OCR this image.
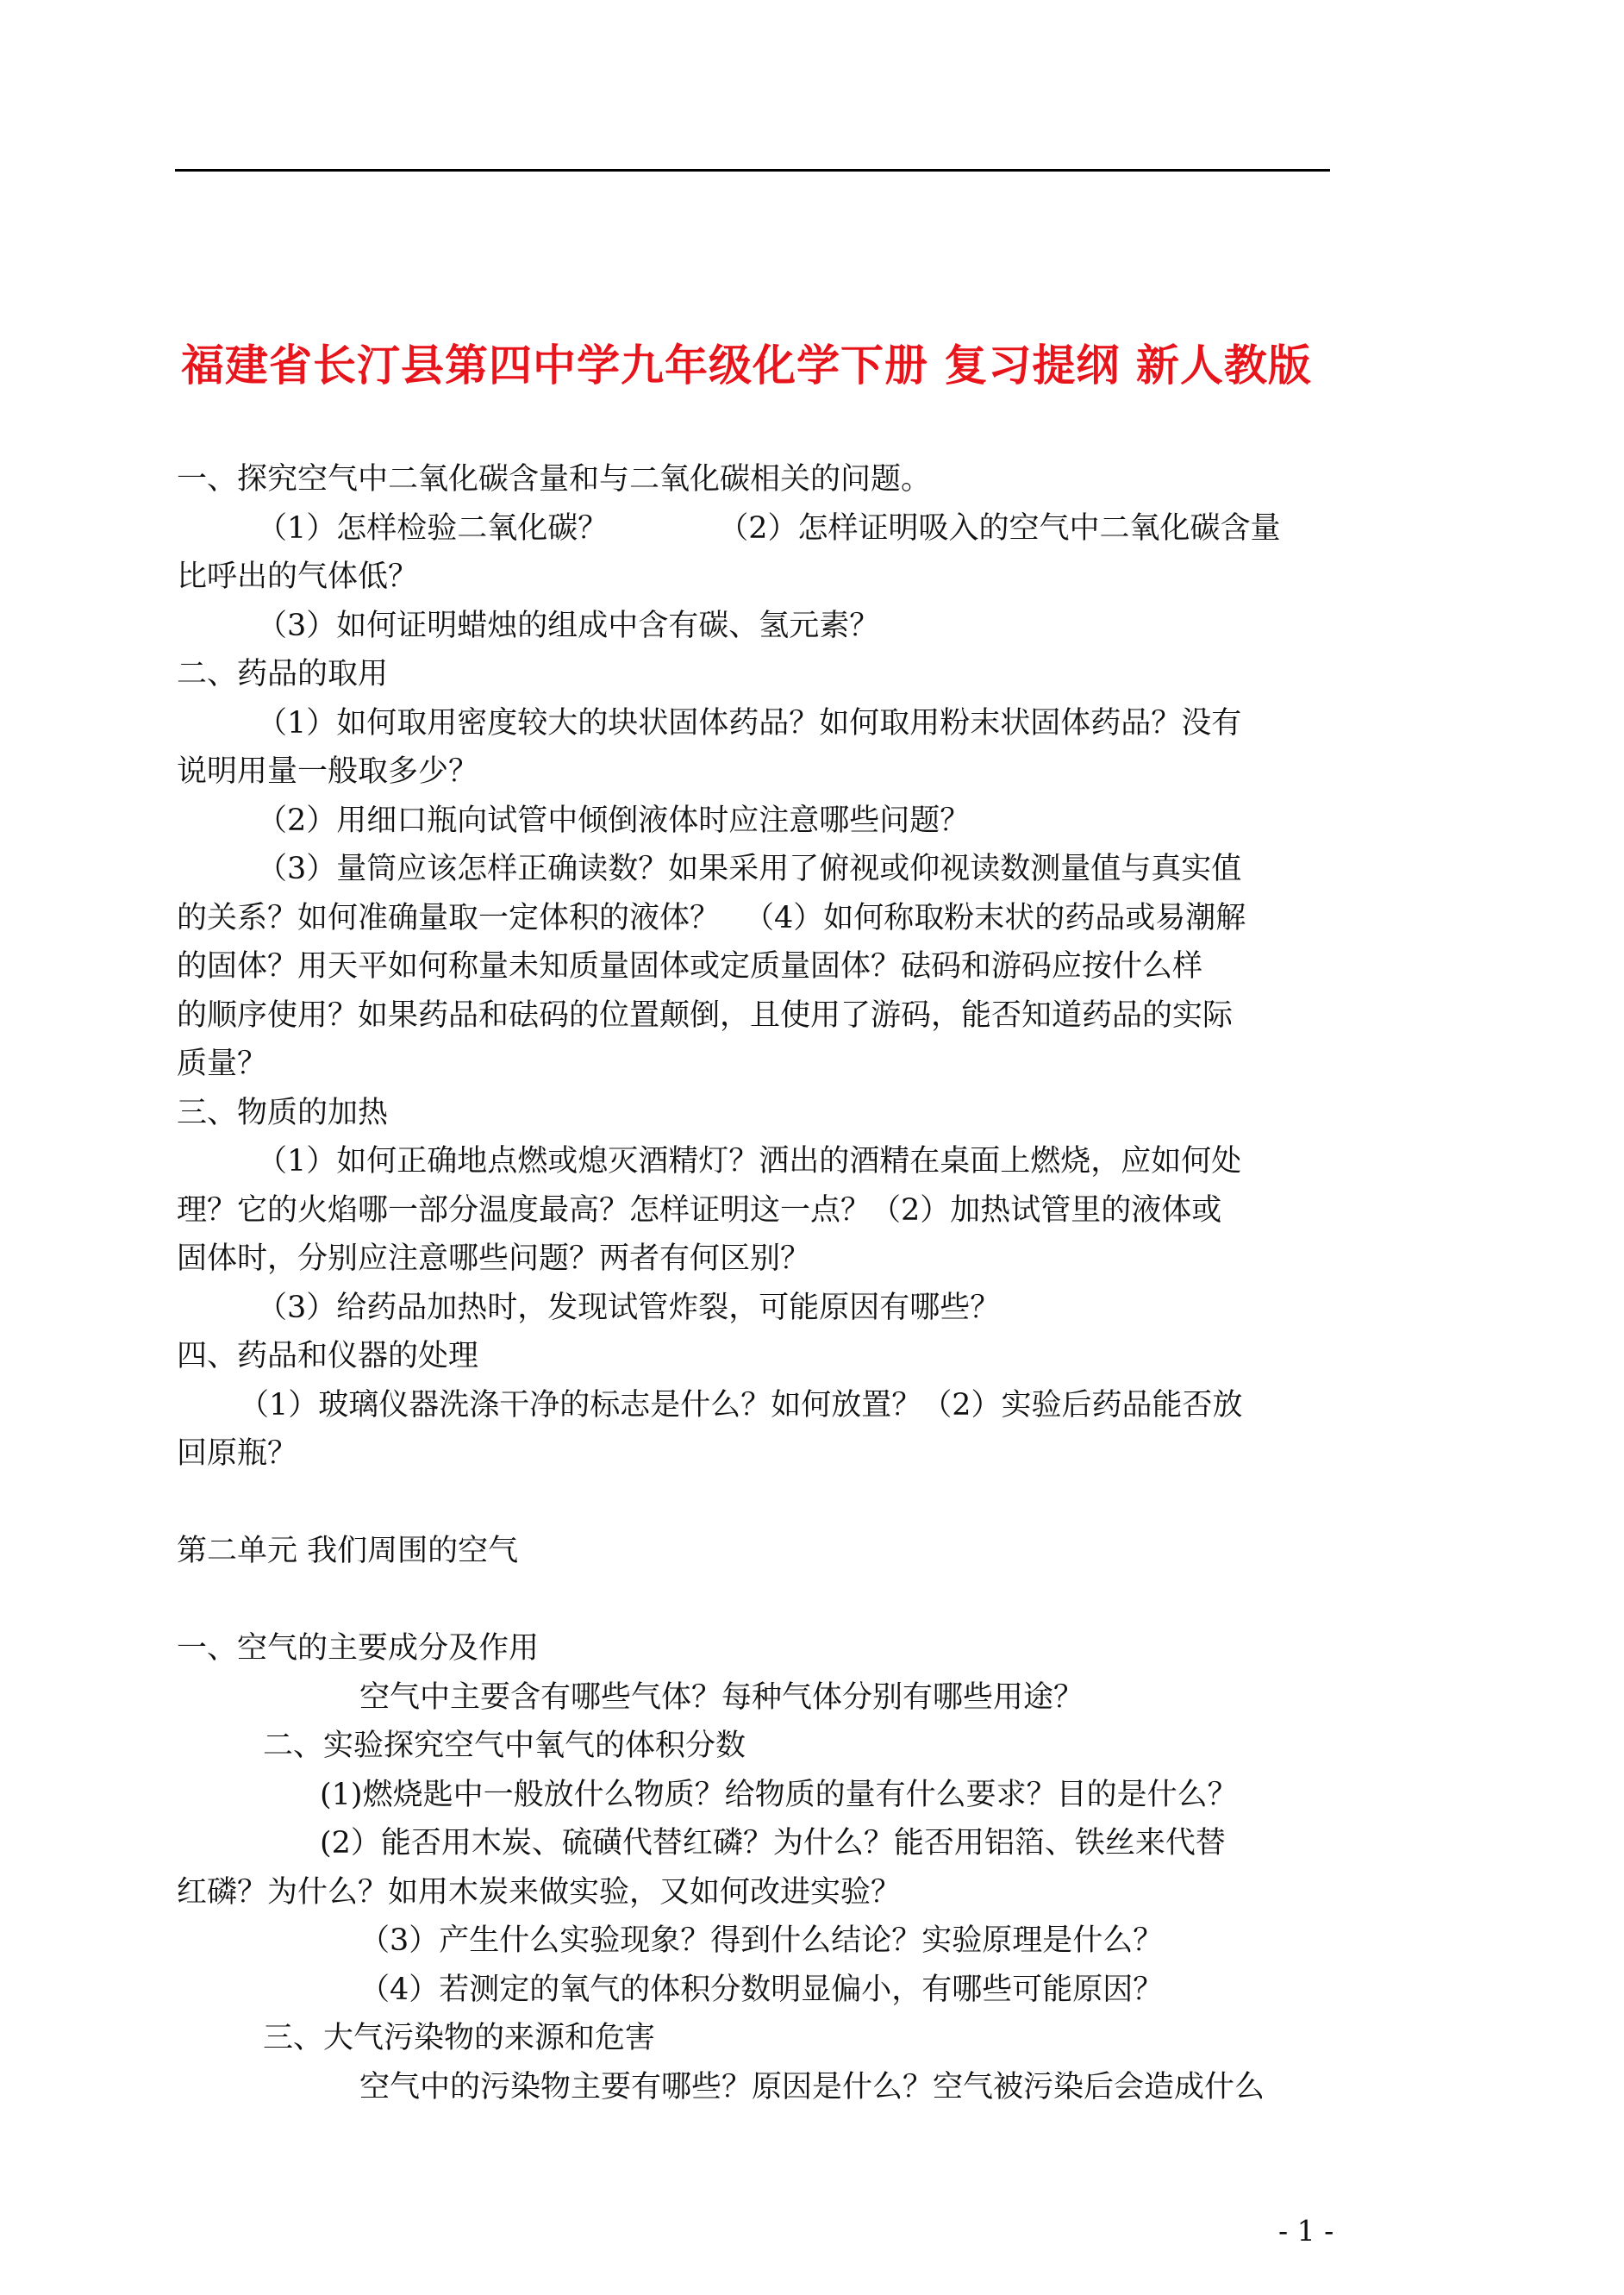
福建省长汀县第四中学九年级化学下册 复习提纲 新人教版
一、探究空气中二氧化碳含量和与二氧化碳相关的问题。
（1）怎样检验二氧化碳？	（2）怎样证明吸入的空气中二氧化碳含量
比呼出的气体低？
（3）如何证明蜡烛的组成中含有碳、氢元素？
二、药品的取用
（1）如何取用密度较大的块状固体药品？如何取用粉末状固体药品？没有
说明用量一般取多少？
（2）用细口瓶向试管中倾倒液体时应注意哪些问题？
（3）量筒应该怎样正确读数？如果采用了俯视或仰视读数测量值与真实值
的关系？如何准确量取一定体积的液体？ （4）如何称取粉末状的药品或易潮解
的固体？用天平如何称量未知质量固体或定质量固体？砝码和游码应按什么样
的顺序使用？如果药品和砝码的位置颠倒，且使用了游码，能否知道药品的实际
质量？
三、物质的加热
（1）如何正确地点燃或熄灭酒精灯？洒出的酒精在桌面上燃烧，应如何处
理？它的火焰哪一部分温度最高？怎样证明这一点？（2）加热试管里的液体或
固体时，分别应注意哪些问题？两者有何区别？
（3）给药品加热时，发现试管炸裂，可能原因有哪些？
四、药品和仪器的处理
（1）玻璃仪器洗涤干净的标志是什么？如何放置？（2）实验后药品能否放
回原瓶？
第二单元 我们周围的空气
一、空气的主要成分及作用
空气中主要含有哪些气体？每种气体分别有哪些用途？
二、实验探究空气中氧气的体积分数
(1)燃烧匙中一般放什么物质？给物质的量有什么要求？目的是什么？
(2）能否用木炭、硫磺代替红磷？为什么？能否用铝箔、铁丝来代替
红磷？为什么？如用木炭来做实验，又如何改进实验？
（3）产生什么实验现象？得到什么结论？实验原理是什么？
（4）若测定的氧气的体积分数明显偏小，有哪些可能原因？
三、大气污染物的来源和危害
空气中的污染物主要有哪些？原因是什么？空气被污染后会造成什么
- 1 -
